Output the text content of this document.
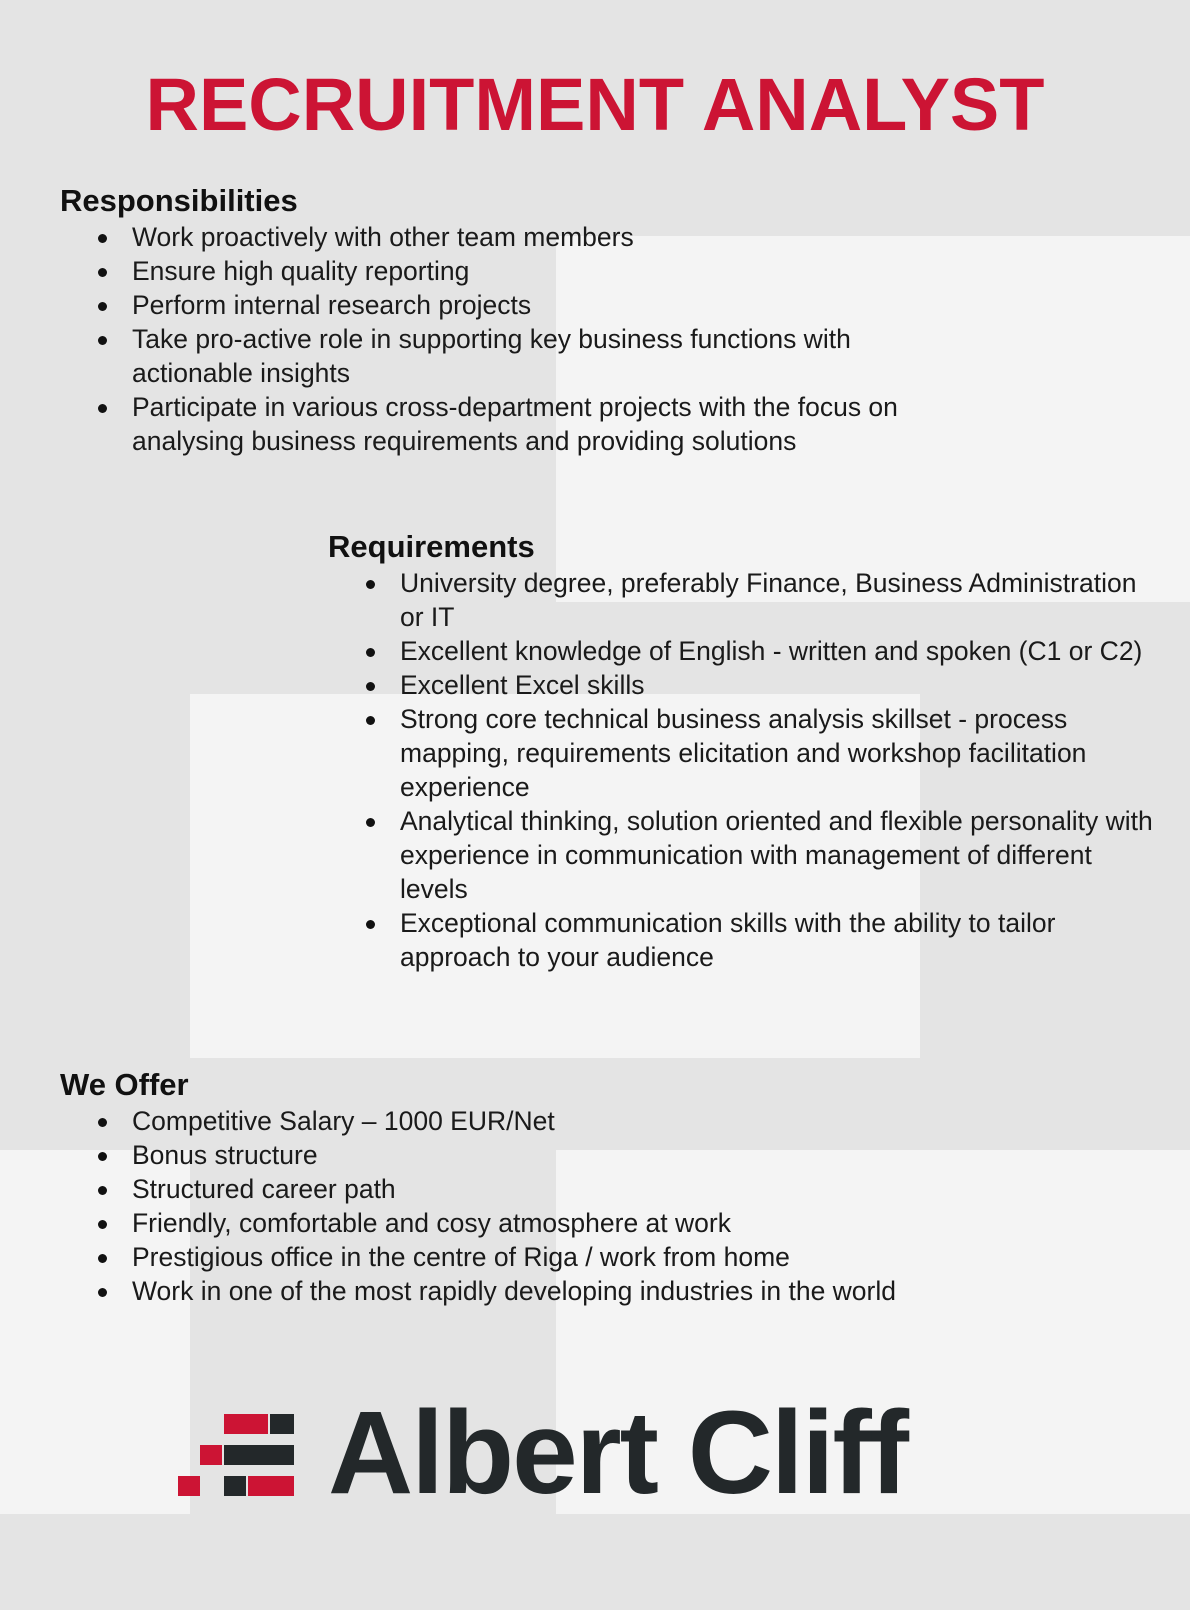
RECRUITMENT ANALYST
Responsibilities
Work proactively with other team members
Ensure high quality reporting
Perform internal research projects
Take pro-active role in supporting key business functions with actionable insights
Participate in various cross-department projects with the focus on analysing business requirements and providing solutions
Requirements
University degree, preferably Finance, Business Administration or IT
Excellent knowledge of English - written and spoken (C1 or C2)
Excellent Excel skills
Strong core technical business analysis skillset - process mapping, requirements elicitation and workshop facilitation experience
Analytical thinking, solution oriented and flexible personality with experience in communication with management of different levels
Exceptional communication skills with the ability to tailor approach to your audience
We Offer
Competitive Salary – 1000 EUR/Net
Bonus structure
Structured career path
Friendly, comfortable and cosy atmosphere at work
Prestigious office in the centre of Riga / work from home
Work in one of the most rapidly developing industries in the world
Albert Cliff
